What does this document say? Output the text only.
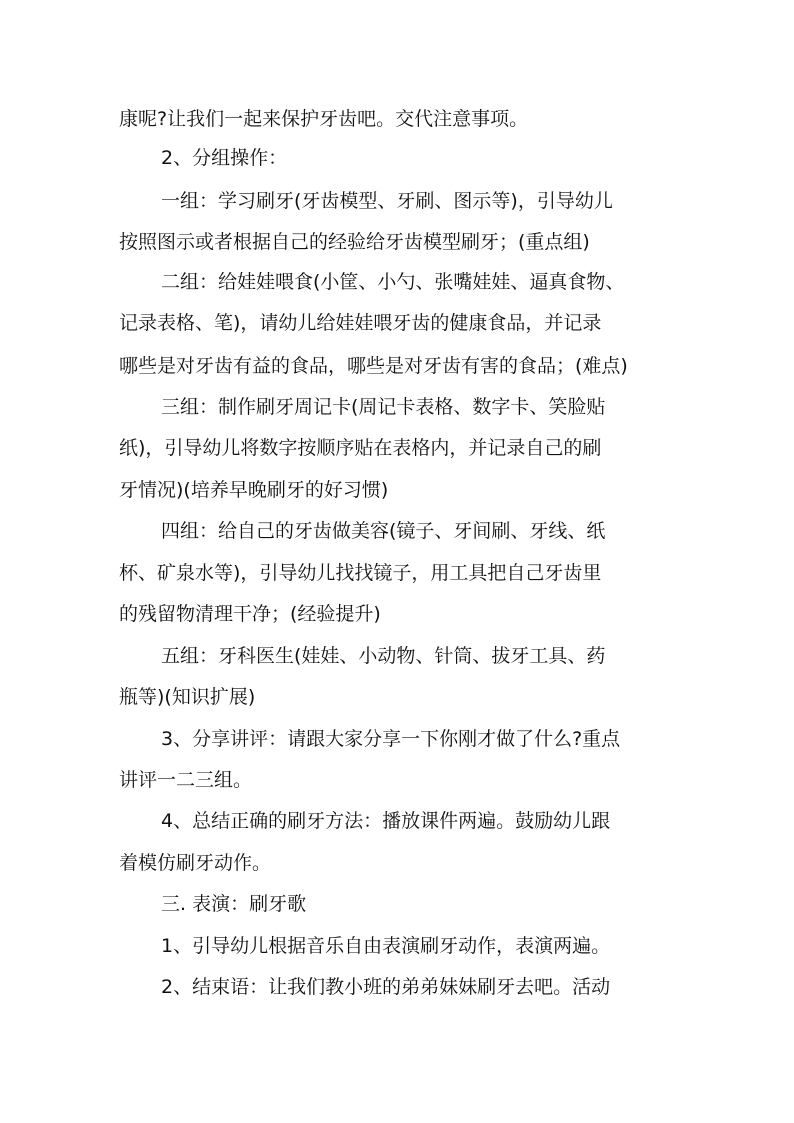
康呢?让我们一起来保护牙齿吧。交代注意事项。

2、分组操作：

一组：学习刷牙(牙齿模型、牙刷、图示等)，引导幼儿

按照图示或者根据自己的经验给牙齿模型刷牙；(重点组)

二组：给娃娃喂食(小筐、小勺、张嘴娃娃、逼真食物、

记录表格、笔)，请幼儿给娃娃喂牙齿的健康食品，并记录

哪些是对牙齿有益的食品，哪些是对牙齿有害的食品；(难点)

三组：制作刷牙周记卡(周记卡表格、数字卡、笑脸贴

纸)，引导幼儿将数字按顺序贴在表格内，并记录自己的刷

牙情况)(培养早晚刷牙的好习惯)

四组：给自己的牙齿做美容(镜子、牙间刷、牙线、纸

杯、矿泉水等)，引导幼儿找找镜子，用工具把自己牙齿里

的残留物清理干净；(经验提升)

五组：牙科医生(娃娃、小动物、针筒、拔牙工具、药

瓶等)(知识扩展)

3、分享讲评：请跟大家分享一下你刚才做了什么?重点

讲评一二三组。

4、总结正确的刷牙方法：播放课件两遍。鼓励幼儿跟

着模仿刷牙动作。

三. 表演：刷牙歌

1、引导幼儿根据音乐自由表演刷牙动作，表演两遍。

2、结束语：让我们教小班的弟弟妹妹刷牙去吧。活动
